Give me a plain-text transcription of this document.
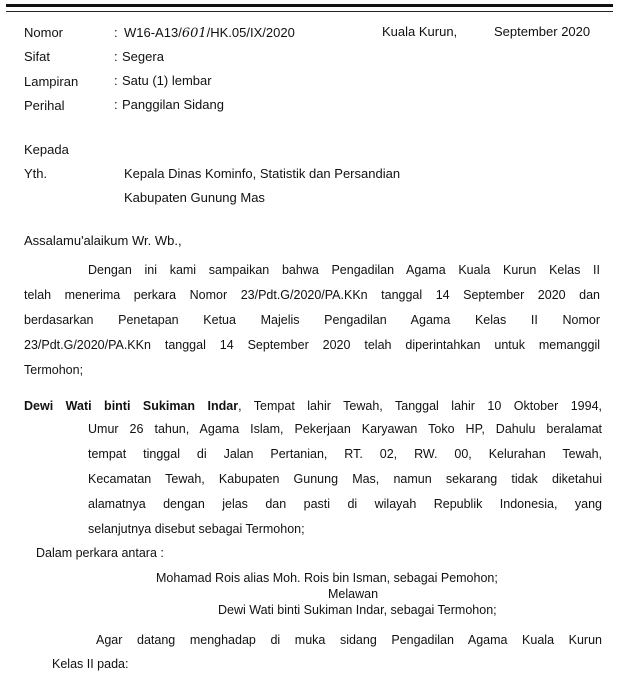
Nomor	: W16-A13/601/HK.05/IX/2020	Kuala Kurun,	September 2020
Sifat	: Segera
Lampiran	: Satu (1) lembar
Perihal	: Panggilan Sidang
Kepada
Yth.	Kepala Dinas Kominfo, Statistik dan Persandian
Kabupaten Gunung Mas
Assalamu'alaikum Wr. Wb.,
Dengan ini kami sampaikan bahwa Pengadilan Agama Kuala Kurun Kelas II
telah menerima perkara Nomor 23/Pdt.G/2020/PA.KKn tanggal 14 September 2020 dan
berdasarkan Penetapan Ketua Majelis Pengadilan Agama Kelas II Nomor
23/Pdt.G/2020/PA.KKn tanggal 14 September 2020 telah diperintahkan untuk memanggil
Termohon;
Dewi Wati binti Sukiman Indar, Tempat lahir Tewah, Tanggal lahir 10 Oktober 1994,
Umur 26 tahun, Agama Islam, Pekerjaan Karyawan Toko HP, Dahulu beralamat
tempat tinggal di Jalan Pertanian, RT. 02, RW. 00, Kelurahan Tewah,
Kecamatan Tewah, Kabupaten Gunung Mas, namun sekarang tidak diketahui
alamatnya dengan jelas dan pasti di wilayah Republik Indonesia, yang
selanjutnya disebut sebagai Termohon;
Dalam perkara antara :
Mohamad Rois alias Moh. Rois bin Isman, sebagai Pemohon;
Melawan
Dewi Wati binti Sukiman Indar, sebagai Termohon;
Agar datang menghadap di muka sidang Pengadilan Agama Kuala Kurun
Kelas II pada:
